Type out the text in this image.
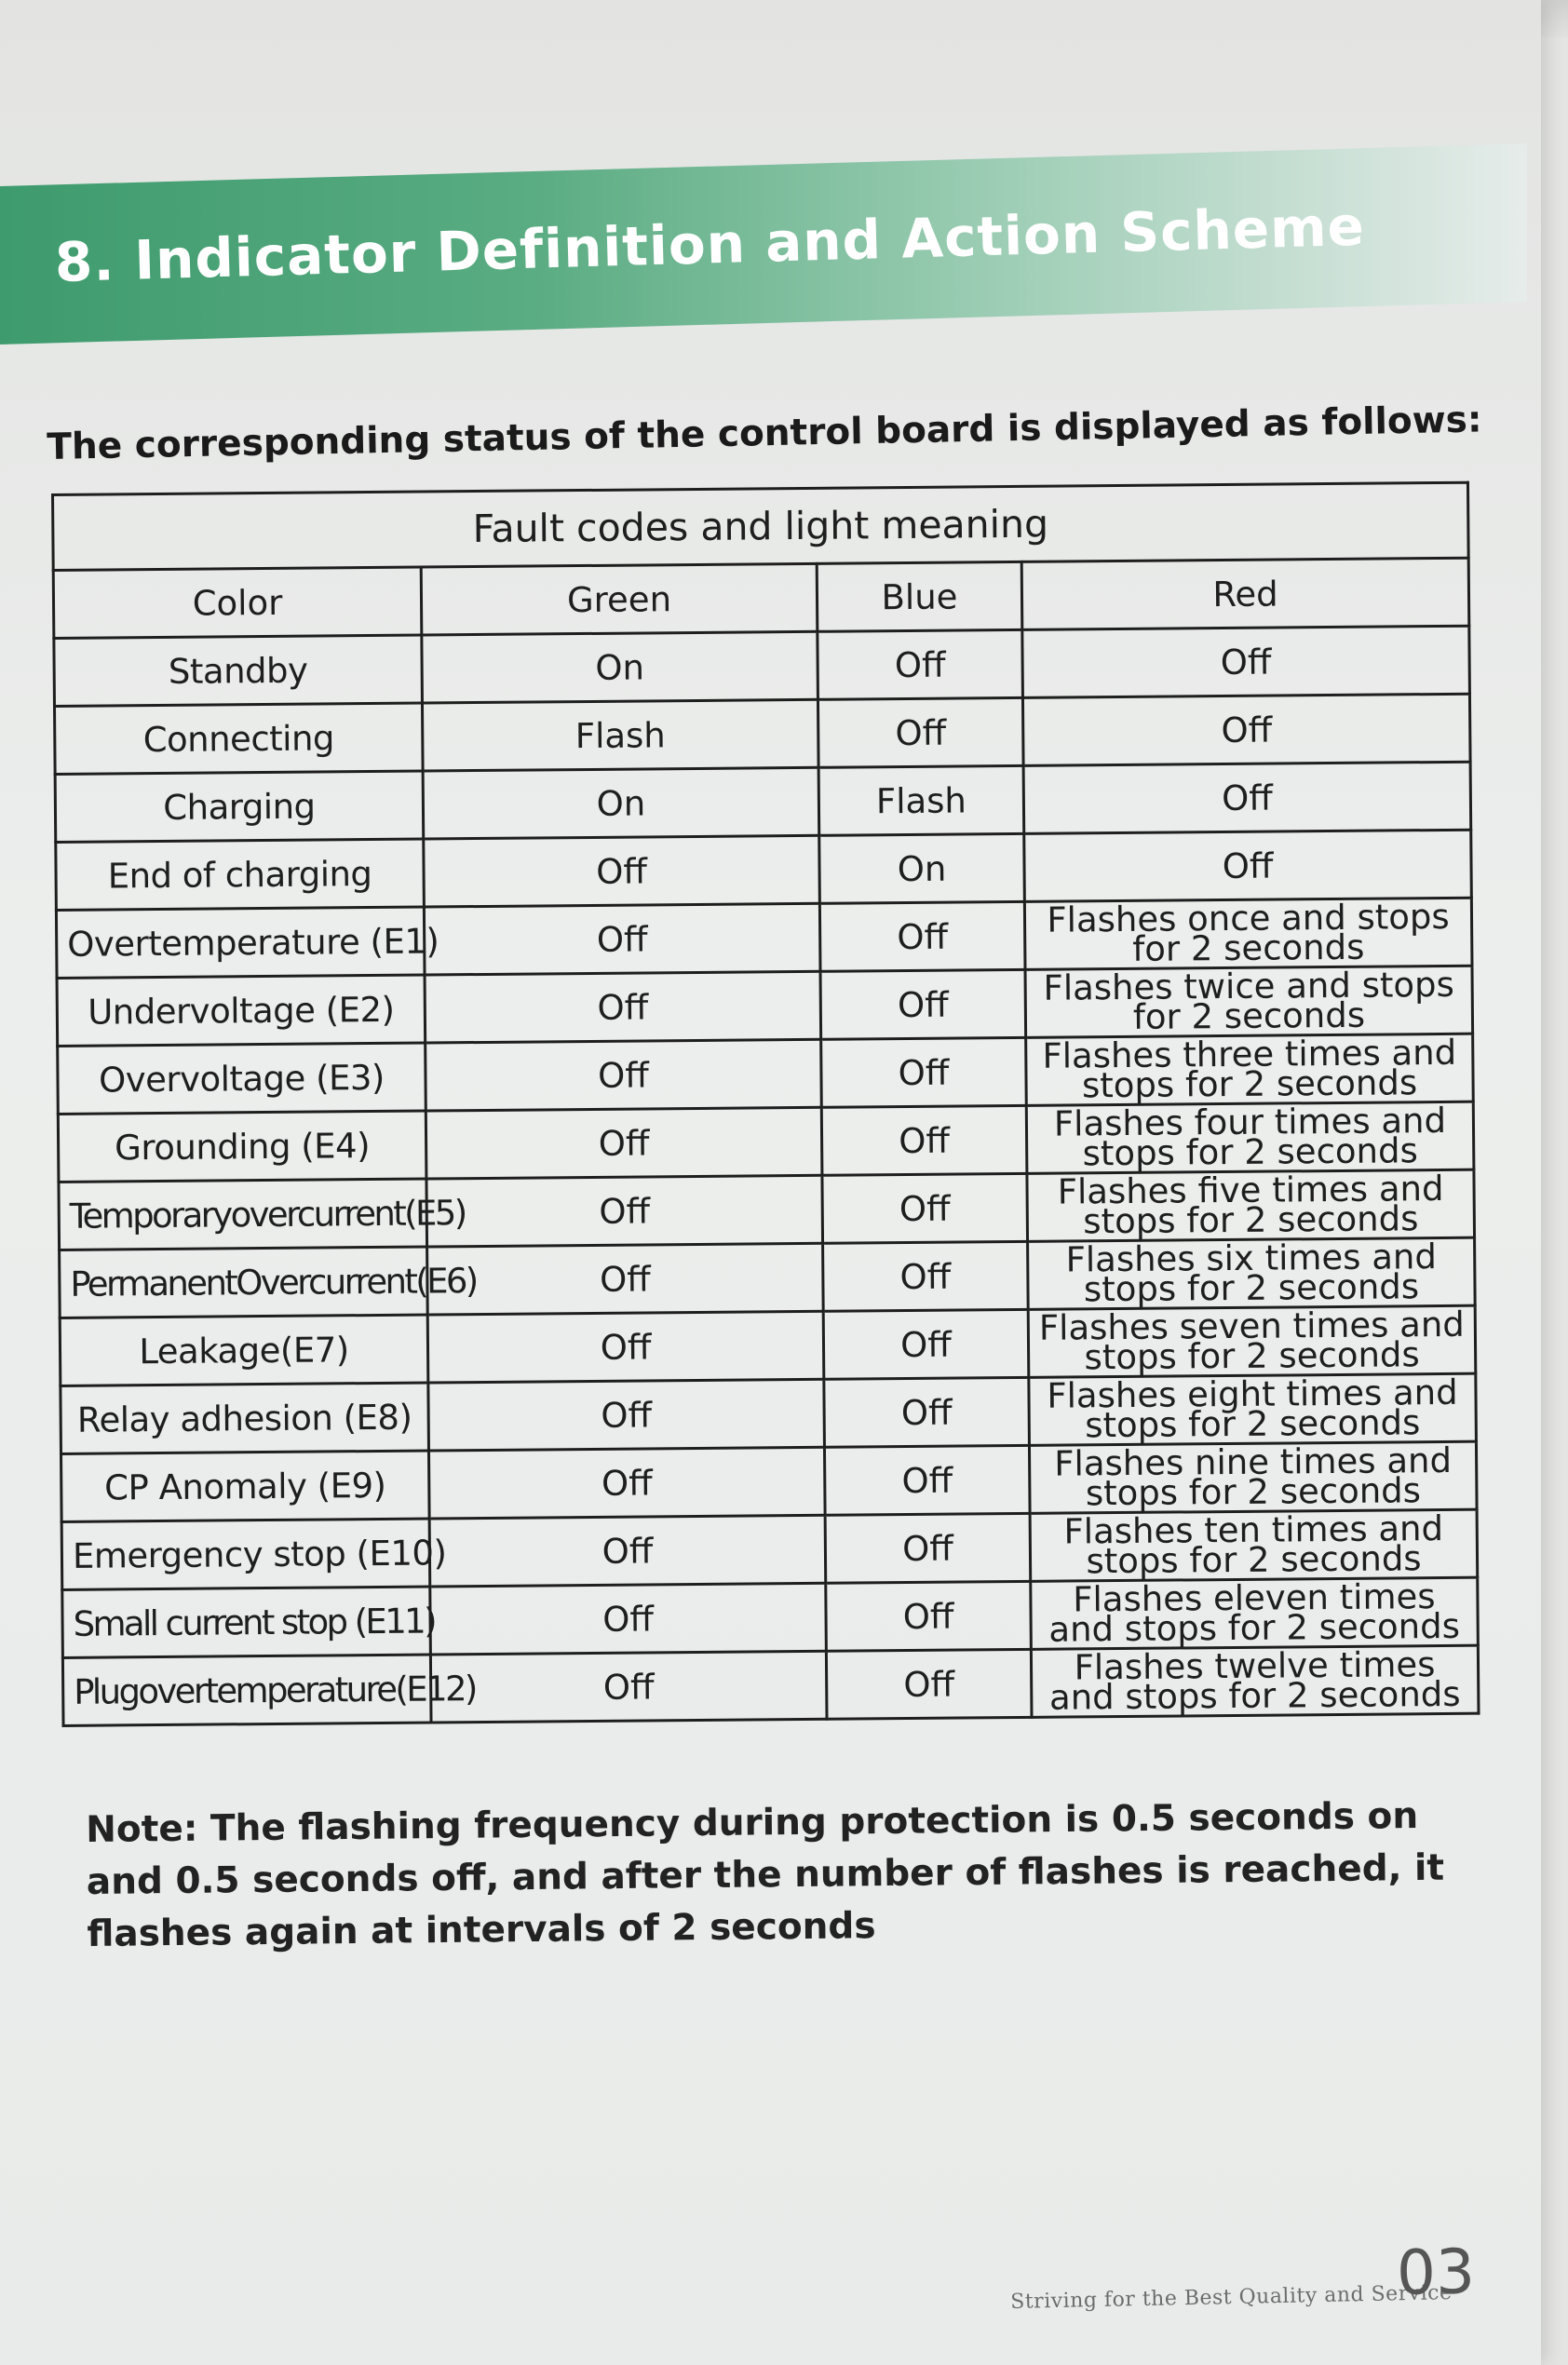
8. Indicator Definition and Action Scheme

The corresponding status of the control board is displayed as follows:

Fault codes and light meaning			
Color	Green	Blue	Red
Standby	On	Off	Off
Connecting	Flash	Off	Off
Charging	On	Flash	Off
End of charging	Off	On	Off
Overtemperature (E1)	Off	Off	Flashes once and stops for 2 seconds
Undervoltage (E2)	Off	Off	Flashes twice and stops for 2 seconds
Overvoltage (E3)	Off	Off	Flashes three times and stops for 2 seconds
Grounding (E4)	Off	Off	Flashes four times and stops for 2 seconds
Temporaryovercurrent(E5)	Off	Off	Flashes five times and stops for 2 seconds
PermanentOvercurrent(E6)	Off	Off	Flashes six times and stops for 2 seconds
Leakage(E7)	Off	Off	Flashes seven times and stops for 2 seconds
Relay adhesion (E8)	Off	Off	Flashes eight times and stops for 2 seconds
CP Anomaly (E9)	Off	Off	Flashes nine times and stops for 2 seconds
Emergency stop (E10)	Off	Off	Flashes ten times and stops for 2 seconds
Small current stop (E11)	Off	Off	Flashes eleven times and stops for 2 seconds
Plugovertemperature(E12)	Off	Off	Flashes twelve times and stops for 2 seconds

Note: The flashing frequency during protection is 0.5 seconds on and 0.5 seconds off, and after the number of flashes is reached, it flashes again at intervals of 2 seconds

Striving for the Best Quality and Service

03
